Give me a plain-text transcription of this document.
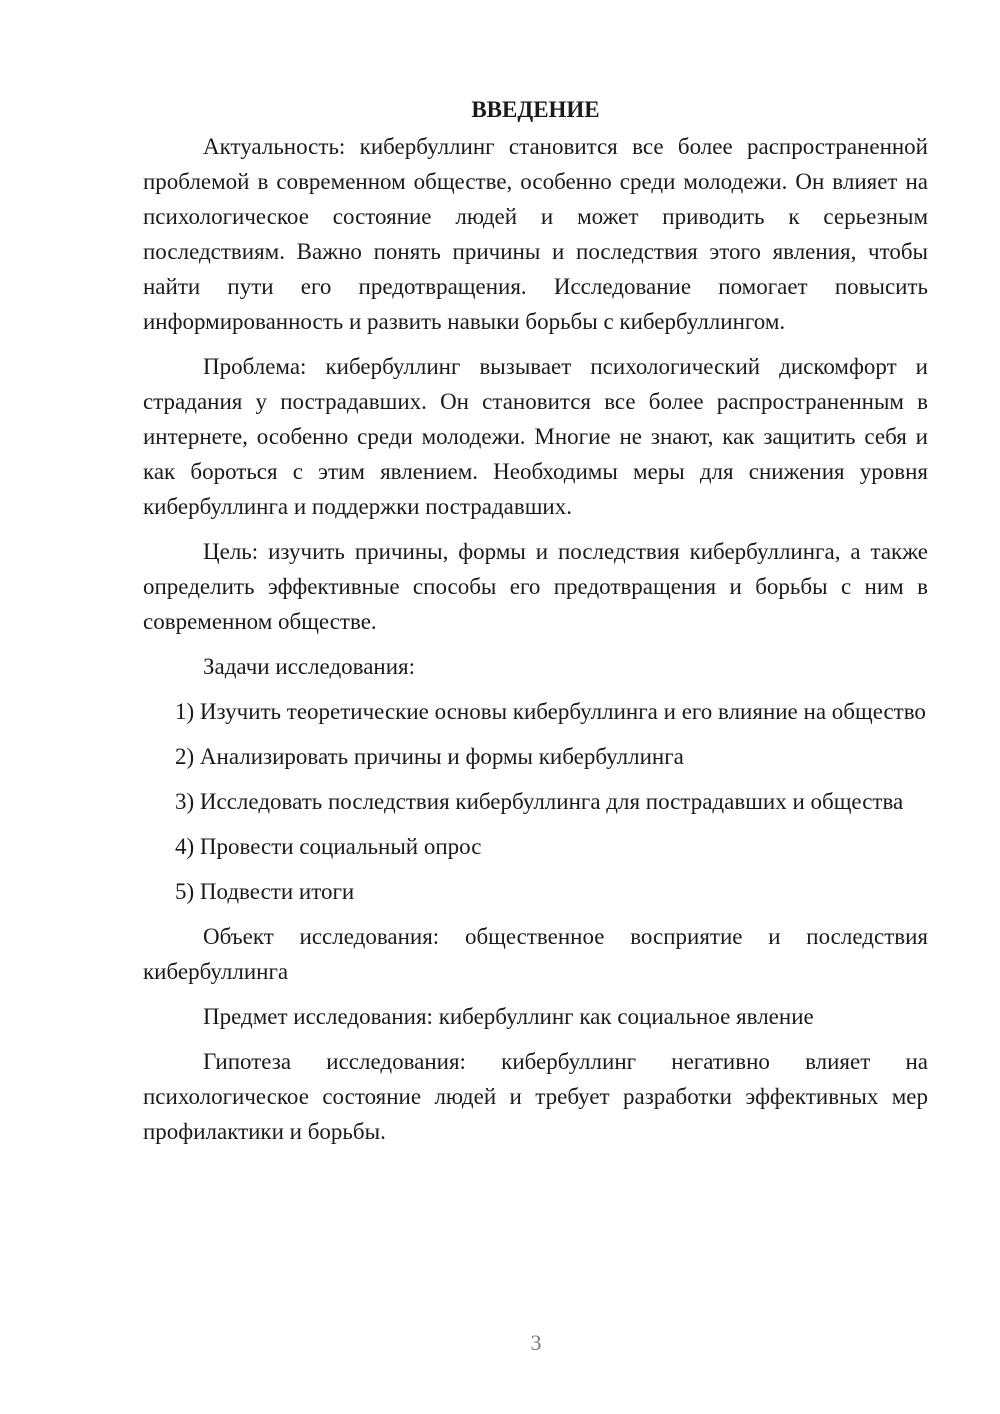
ВВЕДЕНИЕ

Актуальность: кибербуллинг становится все более распространенной проблемой в современном обществе, особенно среди молодежи. Он влияет на психологическое состояние людей и может приводить к серьезным последствиям. Важно понять причины и последствия этого явления, чтобы найти пути его предотвращения. Исследование помогает повысить информированность и развить навыки борьбы с кибербуллингом.

Проблема: кибербуллинг вызывает психологический дискомфорт и страдания у пострадавших. Он становится все более распространенным в интернете, особенно среди молодежи. Многие не знают, как защитить себя и как бороться с этим явлением. Необходимы меры для снижения уровня кибербуллинга и поддержки пострадавших.

Цель: изучить причины, формы и последствия кибербуллинга, а также определить эффективные способы его предотвращения и борьбы с ним в современном обществе.

Задачи исследования:

1) Изучить теоретические основы кибербуллинга и его влияние на общество

2) Анализировать причины и формы кибербуллинга

3) Исследовать последствия кибербуллинга для пострадавших и общества

4) Провести социальный опрос

5) Подвести итоги

Объект исследования: общественное восприятие и последствия кибербуллинга

Предмет исследования: кибербуллинг как социальное явление

Гипотеза исследования: кибербуллинг негативно влияет на психологическое состояние людей и требует разработки эффективных мер профилактики и борьбы.

3
